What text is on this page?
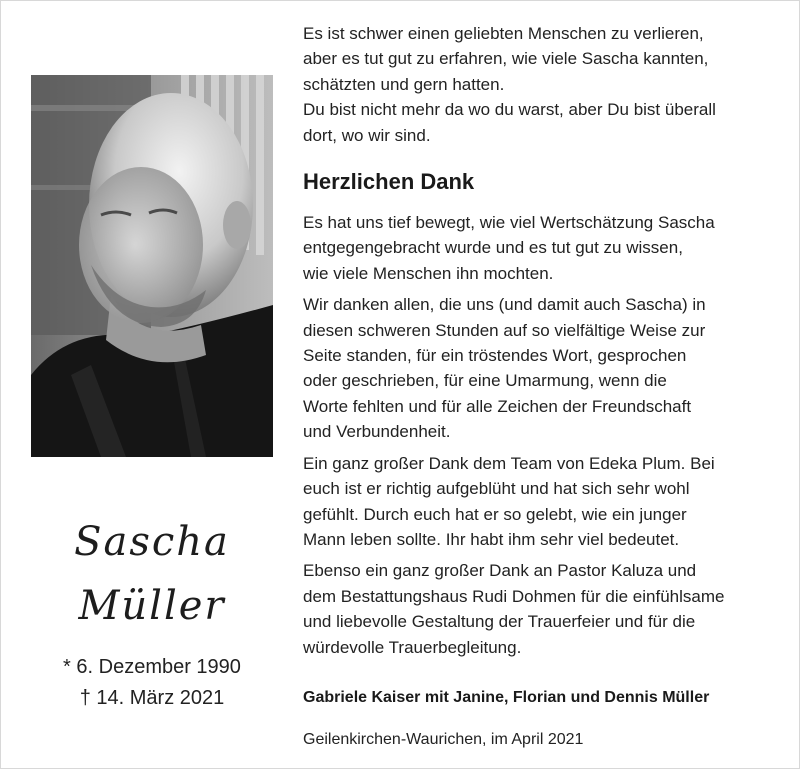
Sascha
Müller
* 6. Dezember 1990
† 14. März 2021

Es ist schwer einen geliebten Menschen zu verlieren,
aber es tut gut zu erfahren, wie viele Sascha kannten,
schätzten und gern hatten.
Du bist nicht mehr da wo du warst, aber Du bist überall
dort, wo wir sind.

Herzlichen Dank

Es hat uns tief bewegt, wie viel Wertschätzung Sascha
entgegengebracht wurde und es tut gut zu wissen,
wie viele Menschen ihn mochten.

Wir danken allen, die uns (und damit auch Sascha) in
diesen schweren Stunden auf so vielfältige Weise zur
Seite standen, für ein tröstendes Wort, gesprochen
oder geschrieben, für eine Umarmung, wenn die
Worte fehlten und für alle Zeichen der Freundschaft
und Verbundenheit.

Ein ganz großer Dank dem Team von Edeka Plum. Bei
euch ist er richtig aufgeblüht und hat sich sehr wohl
gefühlt. Durch euch hat er so gelebt, wie ein junger
Mann leben sollte. Ihr habt ihm sehr viel bedeutet.

Ebenso ein ganz großer Dank an Pastor Kaluza und
dem Bestattungshaus Rudi Dohmen für die einfühlsame
und liebevolle Gestaltung der Trauerfeier und für die
würdevolle Trauerbegleitung.

Gabriele Kaiser mit Janine, Florian und Dennis Müller
Geilenkirchen-Waurichen, im April 2021
